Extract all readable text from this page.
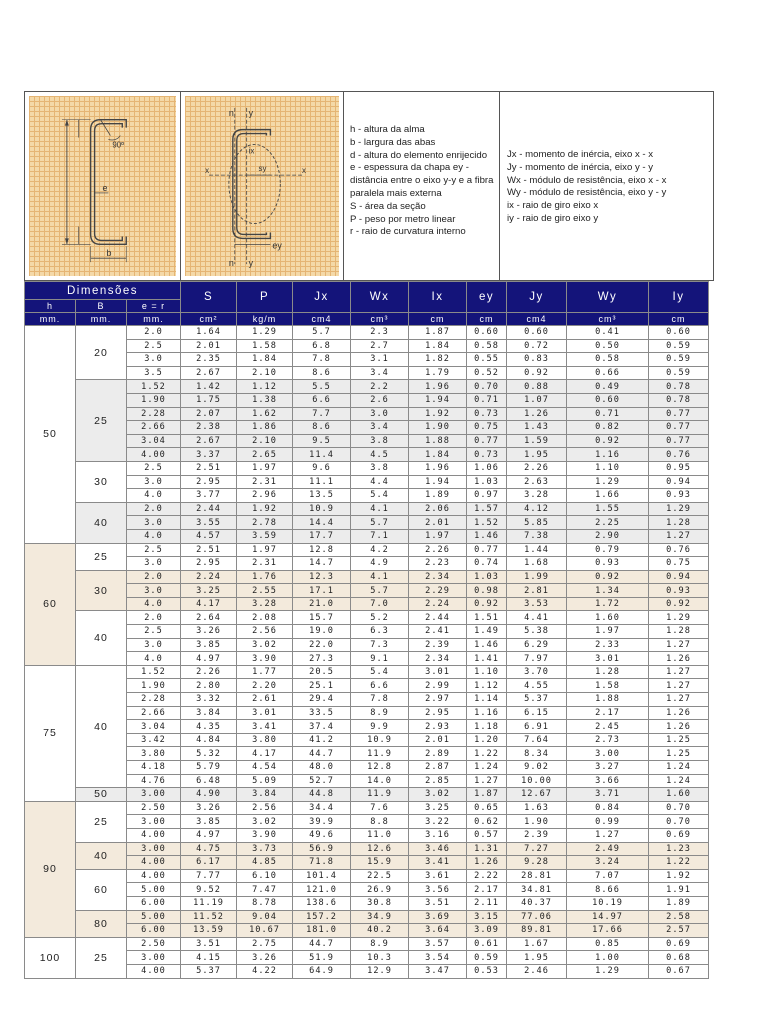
90º
e
b
n y
n y
x	x
ix
sy
ey
h - altura da alma
b - largura das abas
d - altura do elemento enrijecido
e - espessura da chapa ey - distância entre o eixo y-y e a fibra paralela mais externa
S - área da seção
P - peso por metro linear
r - raio de curvatura interno
Jx - momento de inércia, eixo x - x
Jy - momento de inércia, eixo y - y
Wx - módulo de resistência, eixo x - x
Wy - módulo de resistência, eixo y - y
ix - raio de giro eixo x
iy - raio de giro eixo y
Dimensões			S	P	Jx	Wx	Ix	ey	Jy	Wy	Iy
h	B	e = r									
mm.	mm.	mm.	cm²	kg/m	cm4	cm³	cm	cm	cm4	cm³	cm
50	20	2.0	1.64	1.29	5.7	2.3	1.87	0.60	0.60	0.41	0.60
		2.5	2.01	1.58	6.8	2.7	1.84	0.58	0.72	0.50	0.59
		3.0	2.35	1.84	7.8	3.1	1.82	0.55	0.83	0.58	0.59
		3.5	2.67	2.10	8.6	3.4	1.79	0.52	0.92	0.66	0.59
	25	1.52	1.42	1.12	5.5	2.2	1.96	0.70	0.88	0.49	0.78
		1.90	1.75	1.38	6.6	2.6	1.94	0.71	1.07	0.60	0.78
		2.28	2.07	1.62	7.7	3.0	1.92	0.73	1.26	0.71	0.77
		2.66	2.38	1.86	8.6	3.4	1.90	0.75	1.43	0.82	0.77
		3.04	2.67	2.10	9.5	3.8	1.88	0.77	1.59	0.92	0.77
		4.00	3.37	2.65	11.4	4.5	1.84	0.73	1.95	1.16	0.76
	30	2.5	2.51	1.97	9.6	3.8	1.96	1.06	2.26	1.10	0.95
		3.0	2.95	2.31	11.1	4.4	1.94	1.03	2.63	1.29	0.94
		4.0	3.77	2.96	13.5	5.4	1.89	0.97	3.28	1.66	0.93
	40	2.0	2.44	1.92	10.9	4.1	2.06	1.57	4.12	1.55	1.29
		3.0	3.55	2.78	14.4	5.7	2.01	1.52	5.85	2.25	1.28
		4.0	4.57	3.59	17.7	7.1	1.97	1.46	7.38	2.90	1.27
60	25	2.5	2.51	1.97	12.8	4.2	2.26	0.77	1.44	0.79	0.76
		3.0	2.95	2.31	14.7	4.9	2.23	0.74	1.68	0.93	0.75
	30	2.0	2.24	1.76	12.3	4.1	2.34	1.03	1.99	0.92	0.94
		3.0	3.25	2.55	17.1	5.7	2.29	0.98	2.81	1.34	0.93
		4.0	4.17	3.28	21.0	7.0	2.24	0.92	3.53	1.72	0.92
	40	2.0	2.64	2.08	15.7	5.2	2.44	1.51	4.41	1.60	1.29
		2.5	3.26	2.56	19.0	6.3	2.41	1.49	5.38	1.97	1.28
		3.0	3.85	3.02	22.0	7.3	2.39	1.46	6.29	2.33	1.27
		4.0	4.97	3.90	27.3	9.1	2.34	1.41	7.97	3.01	1.26
75	40	1.52	2.26	1.77	20.5	5.4	3.01	1.10	3.70	1.28	1.27
		1.90	2.80	2.20	25.1	6.6	2.99	1.12	4.55	1.58	1.27
		2.28	3.32	2.61	29.4	7.8	2.97	1.14	5.37	1.88	1.27
		2.66	3.84	3.01	33.5	8.9	2.95	1.16	6.15	2.17	1.26
		3.04	4.35	3.41	37.4	9.9	2.93	1.18	6.91	2.45	1.26
		3.42	4.84	3.80	41.2	10.9	2.01	1.20	7.64	2.73	1.25
		3.80	5.32	4.17	44.7	11.9	2.89	1.22	8.34	3.00	1.25
		4.18	5.79	4.54	48.0	12.8	2.87	1.24	9.02	3.27	1.24
		4.76	6.48	5.09	52.7	14.0	2.85	1.27	10.00	3.66	1.24
	50	3.00	4.90	3.84	44.8	11.9	3.02	1.87	12.67	3.71	1.60
90	25	2.50	3.26	2.56	34.4	7.6	3.25	0.65	1.63	0.84	0.70
		3.00	3.85	3.02	39.9	8.8	3.22	0.62	1.90	0.99	0.70
		4.00	4.97	3.90	49.6	11.0	3.16	0.57	2.39	1.27	0.69
	40	3.00	4.75	3.73	56.9	12.6	3.46	1.31	7.27	2.49	1.23
		4.00	6.17	4.85	71.8	15.9	3.41	1.26	9.28	3.24	1.22
	60	4.00	7.77	6.10	101.4	22.5	3.61	2.22	28.81	7.07	1.92
		5.00	9.52	7.47	121.0	26.9	3.56	2.17	34.81	8.66	1.91
		6.00	11.19	8.78	138.6	30.8	3.51	2.11	40.37	10.19	1.89
	80	5.00	11.52	9.04	157.2	34.9	3.69	3.15	77.06	14.97	2.58
		6.00	13.59	10.67	181.0	40.2	3.64	3.09	89.81	17.66	2.57
100	25	2.50	3.51	2.75	44.7	8.9	3.57	0.61	1.67	0.85	0.69
		3.00	4.15	3.26	51.9	10.3	3.54	0.59	1.95	1.00	0.68
		4.00	5.37	4.22	64.9	12.9	3.47	0.53	2.46	1.29	0.67
